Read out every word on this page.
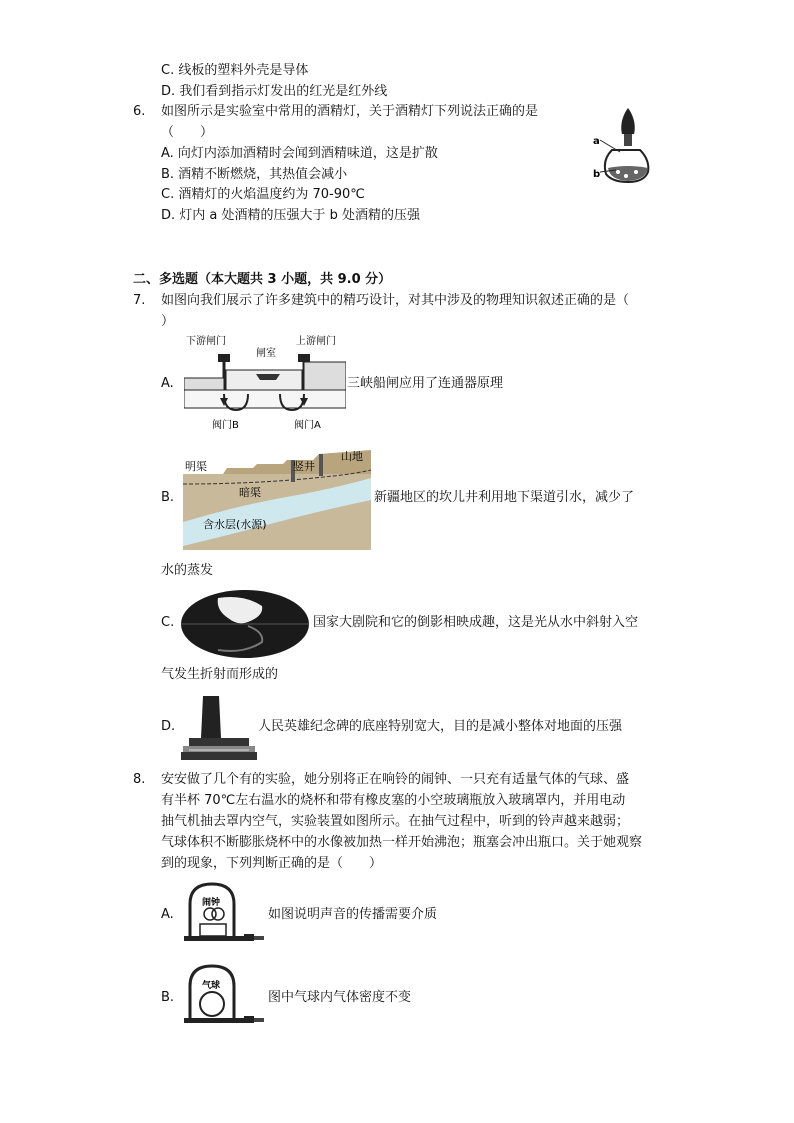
C. 线板的塑料外壳是导体
D. 我们看到指示灯发出的红光是红外线
6. 如图所示是实验室中常用的酒精灯，关于酒精灯下列说法正确的是
（　　）
A. 向灯内添加酒精时会闻到酒精味道，这是扩散
B. 酒精不断燃烧，其热值会减小
C. 酒精灯的火焰温度约为 70-90℃
D. 灯内 a 处酒精的压强大于 b 处酒精的压强
a
b
二、多选题（本大题共 3 小题，共 9.0 分）
7. 如图向我们展示了许多建筑中的精巧设计，对其中涉及的物理知识叙述正确的是（
）
A.
下游闸门
闸室
上游闸门
阀门B	阀门A
三峡船闸应用了连通器原理
B.
明渠	竖井
山地
暗渠
含水层(水源)
新疆地区的坎儿井利用地下渠道引水，减少了
水的蒸发
C.	国家大剧院和它的倒影相映成趣，这是光从水中斜射入空
气发生折射而形成的
D.	人民英雄纪念碑的底座特别宽大，目的是减小整体对地面的压强
8. 安安做了几个有的实验，她分别将正在响铃的闹钟、一只充有适量气体的气球、盛
有半杯 70℃左右温水的烧杯和带有橡皮塞的小空玻璃瓶放入玻璃罩内，并用电动
抽气机抽去罩内空气，实验装置如图所示。在抽气过程中，听到的铃声越来越弱；
气球体积不断膨胀烧杯中的水像被加热一样开始沸泡；瓶塞会冲出瓶口。关于她观察
到的现象，下列判断正确的是（　　）
A.
闹钟
如图说明声音的传播需要介质
B.
气球
图中气球内气体密度不变
